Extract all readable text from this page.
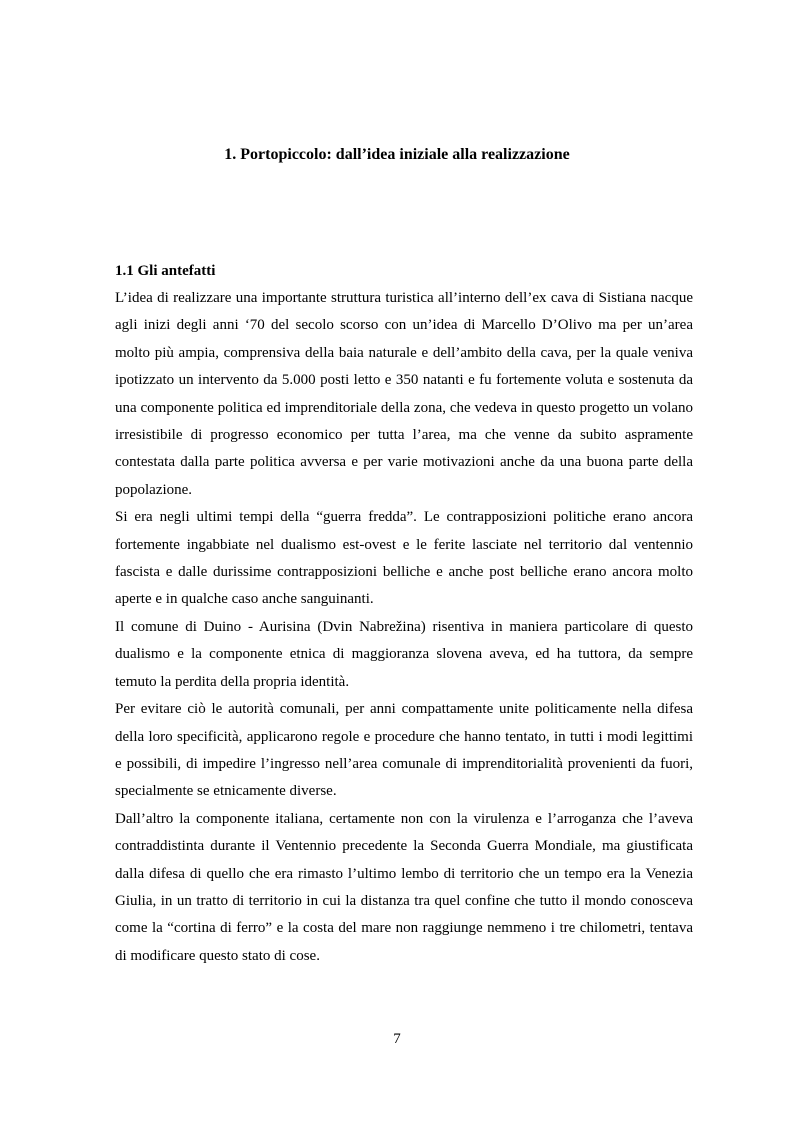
1. Portopiccolo: dall’idea iniziale alla realizzazione
1.1 Gli antefatti

L’idea di realizzare una importante struttura turistica all’interno dell’ex cava di Sistiana nacque agli inizi degli anni ‘70 del secolo scorso con un’idea di Marcello D’Olivo ma per un’area molto più ampia, comprensiva della baia naturale e dell’ambito della cava, per la quale veniva ipotizzato un intervento da 5.000 posti letto e 350 natanti e fu fortemente voluta e sostenuta da una componente politica ed imprenditoriale della zona, che vedeva in questo progetto un volano irresistibile di progresso economico per tutta l’area, ma che venne da subito aspramente contestata dalla parte politica avversa e per varie motivazioni anche da una buona parte della popolazione.

Si era negli ultimi tempi della “guerra fredda”. Le contrapposizioni politiche erano ancora fortemente ingabbiate nel dualismo est-ovest e le ferite lasciate nel territorio dal ventennio fascista e dalle durissime contrapposizioni belliche e anche post belliche erano ancora molto aperte e in qualche caso anche sanguinanti.

Il comune di Duino - Aurisina (Dvin Nabrežina) risentiva in maniera particolare di questo dualismo e la componente etnica di maggioranza slovena aveva, ed ha tuttora, da sempre temuto la perdita della propria identità.

Per evitare ciò le autorità comunali, per anni compattamente unite politicamente nella difesa della loro specificità, applicarono regole e procedure che hanno tentato, in tutti i modi legittimi e possibili, di impedire l’ingresso nell’area comunale di imprenditorialità provenienti da fuori, specialmente se etnicamente diverse.

Dall’altro la componente italiana, certamente non con la virulenza e l’arroganza che l’aveva contraddistinta durante il Ventennio precedente la Seconda Guerra Mondiale, ma giustificata dalla difesa di quello che era rimasto l’ultimo lembo di territorio che un tempo era la Venezia Giulia, in un tratto di territorio in cui la distanza tra quel confine che tutto il mondo conosceva come la “cortina di ferro” e la costa del mare non raggiunge nemmeno i tre chilometri, tentava di modificare questo stato di cose.

7
